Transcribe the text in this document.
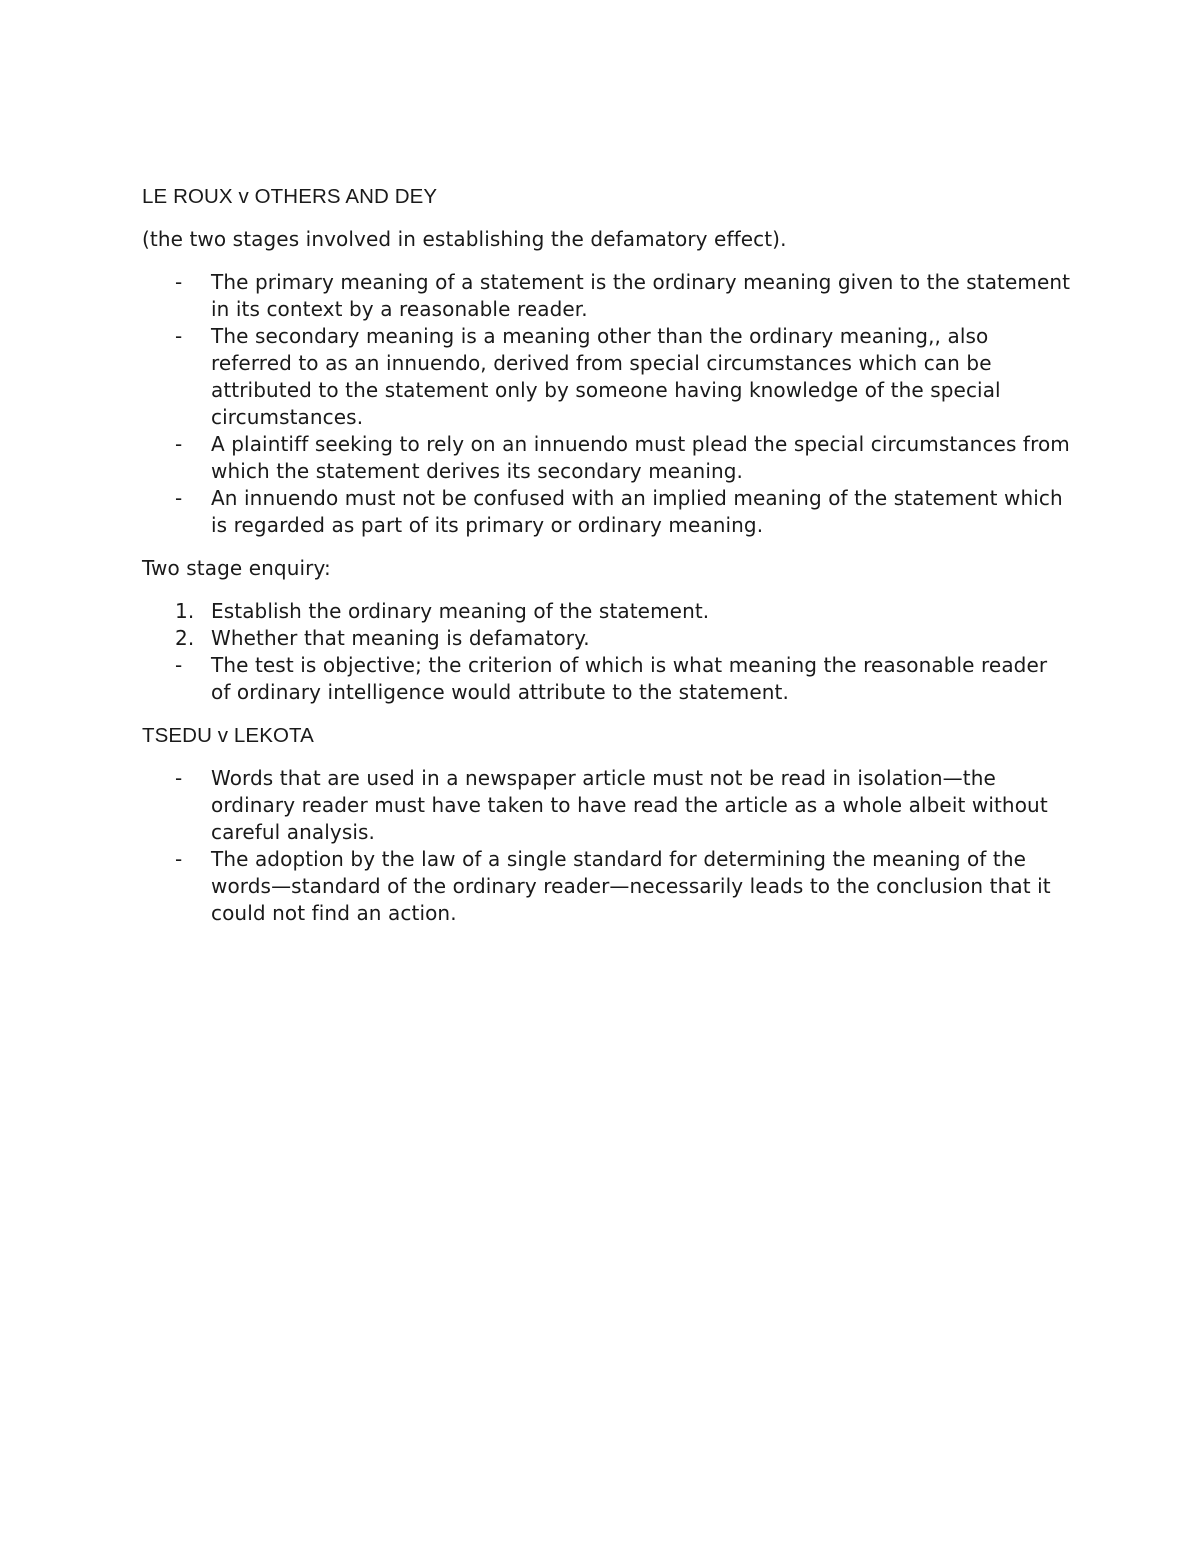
LE ROUX v OTHERS AND DEY
(the two stages involved in establishing the defamatory effect).
- The primary meaning of a statement is the ordinary meaning given to the statement in its context by a reasonable reader.
- The secondary meaning is a meaning other than the ordinary meaning,, also referred to as an innuendo, derived from special circumstances which can be attributed to the statement only by someone having knowledge of the special circumstances.
- A plaintiff seeking to rely on an innuendo must plead the special circumstances from which the statement derives its secondary meaning.
- An innuendo must not be confused with an implied meaning of the statement which is regarded as part of its primary or ordinary meaning.
Two stage enquiry:
1. Establish the ordinary meaning of the statement.
2. Whether that meaning is defamatory.
- The test is objective; the criterion of which is what meaning the reasonable reader of ordinary intelligence would attribute to the statement.
TSEDU v LEKOTA
- Words that are used in a newspaper article must not be read in isolation—the ordinary reader must have taken to have read the article as a whole albeit without careful analysis.
- The adoption by the law of a single standard for determining the meaning of the words—standard of the ordinary reader—necessarily leads to the conclusion that it could not find an action.
